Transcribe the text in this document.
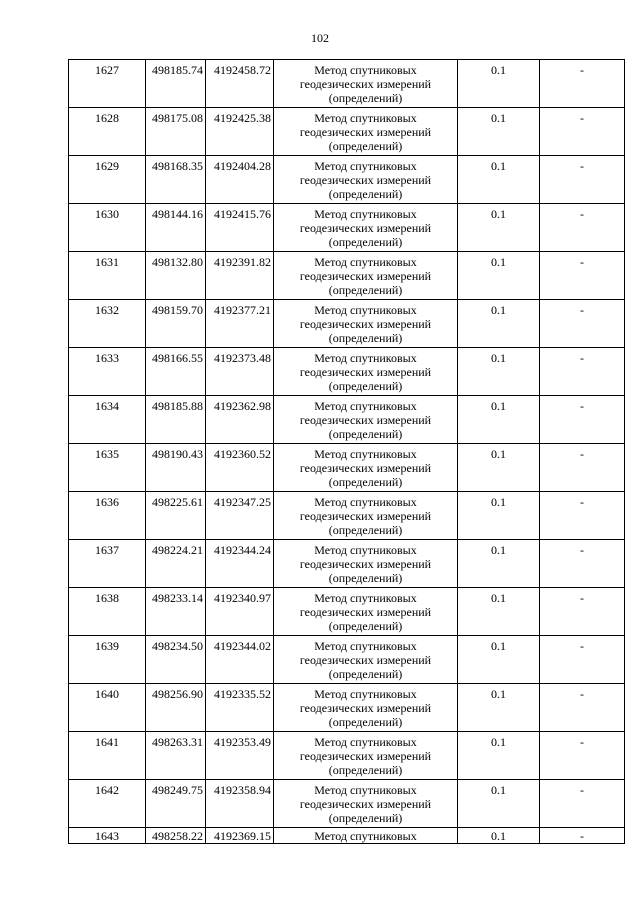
102
1627	498185.74	4192458.72	Метод спутниковых геодезических измерений (определений)	0.1	-
1628	498175.08	4192425.38	Метод спутниковых геодезических измерений (определений)	0.1	-
1629	498168.35	4192404.28	Метод спутниковых геодезических измерений (определений)	0.1	-
1630	498144.16	4192415.76	Метод спутниковых геодезических измерений (определений)	0.1	-
1631	498132.80	4192391.82	Метод спутниковых геодезических измерений (определений)	0.1	-
1632	498159.70	4192377.21	Метод спутниковых геодезических измерений (определений)	0.1	-
1633	498166.55	4192373.48	Метод спутниковых геодезических измерений (определений)	0.1	-
1634	498185.88	4192362.98	Метод спутниковых геодезических измерений (определений)	0.1	-
1635	498190.43	4192360.52	Метод спутниковых геодезических измерений (определений)	0.1	-
1636	498225.61	4192347.25	Метод спутниковых геодезических измерений (определений)	0.1	-
1637	498224.21	4192344.24	Метод спутниковых геодезических измерений (определений)	0.1	-
1638	498233.14	4192340.97	Метод спутниковых геодезических измерений (определений)	0.1	-
1639	498234.50	4192344.02	Метод спутниковых геодезических измерений (определений)	0.1	-
1640	498256.90	4192335.52	Метод спутниковых геодезических измерений (определений)	0.1	-
1641	498263.31	4192353.49	Метод спутниковых геодезических измерений (определений)	0.1	-
1642	498249.75	4192358.94	Метод спутниковых геодезических измерений (определений)	0.1	-
1643	498258.22	4192369.15	Метод спутниковых	0.1	-
